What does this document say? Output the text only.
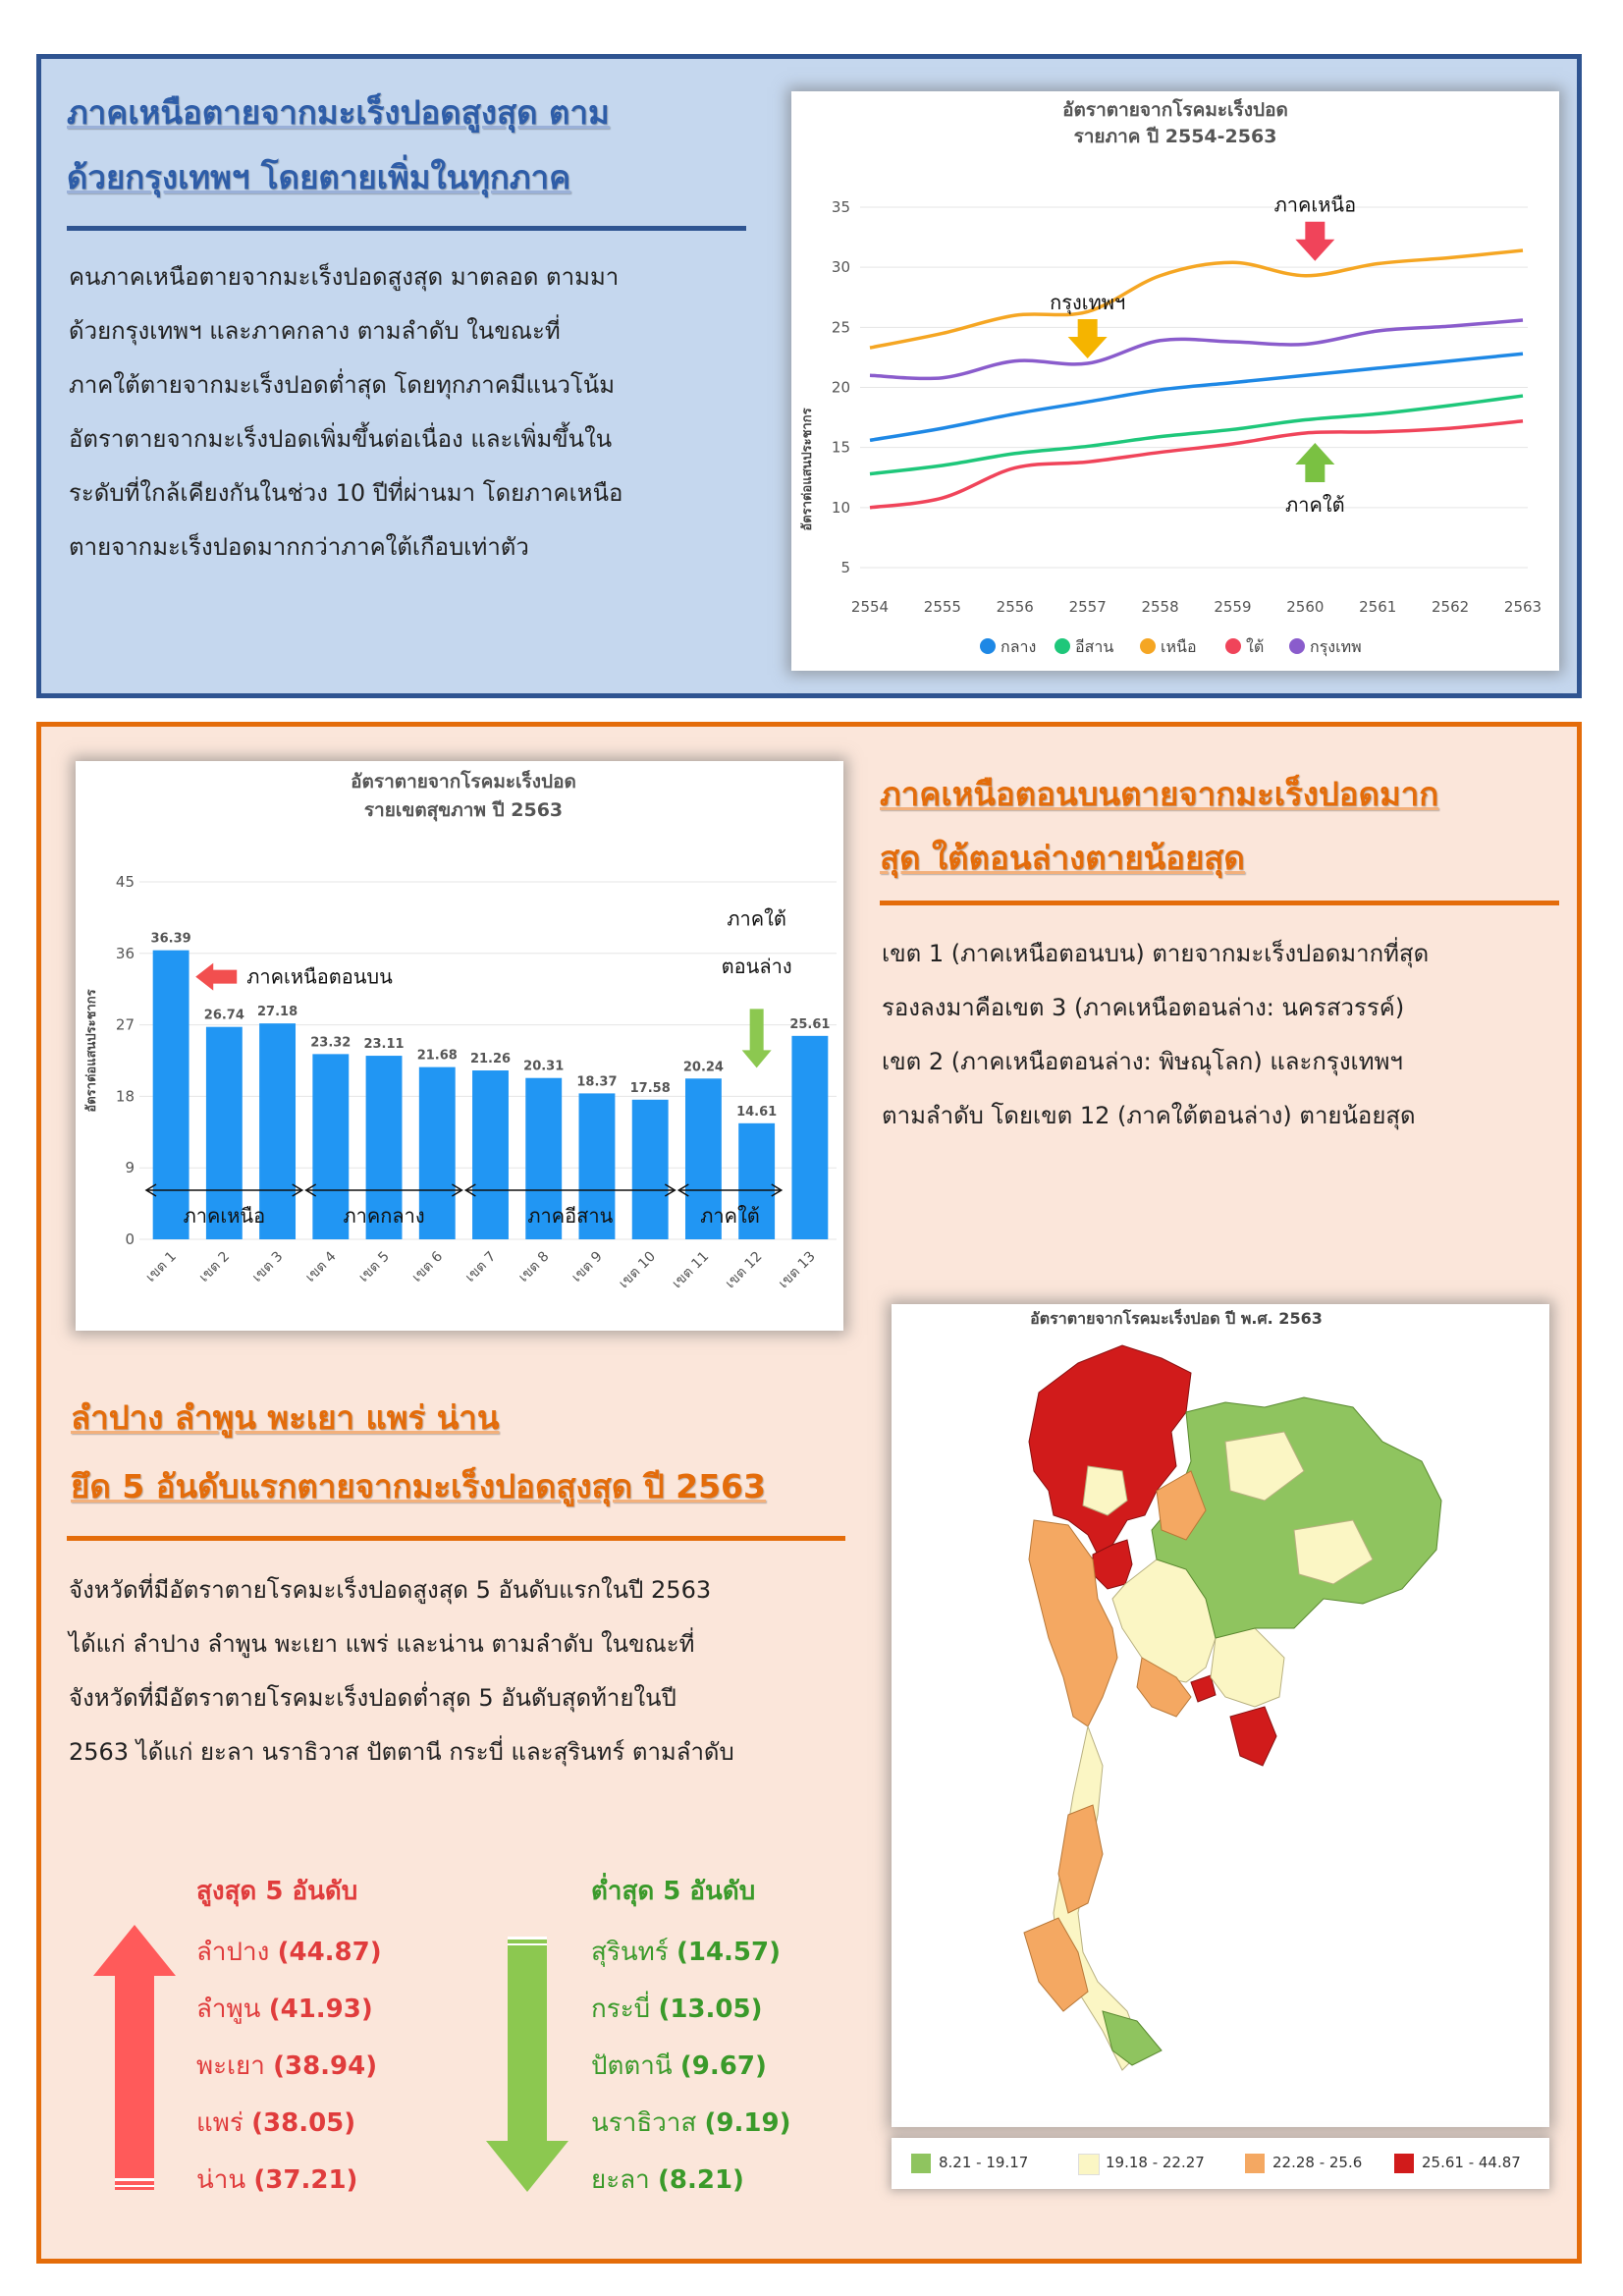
ภาคเหนือตายจากมะเร็งปอดสูงสุด ตาม
ด้วยกรุงเทพฯ โดยตายเพิ่มในทุกภาค

คนภาคเหนือตายจากมะเร็งปอดสูงสุด มาตลอด ตามมา

ด้วยกรุงเทพฯ และภาคกลาง ตามลำดับ ในขณะที่

ภาคใต้ตายจากมะเร็งปอดต่ำสุด โดยทุกภาคมีแนวโน้ม

อัตราตายจากมะเร็งปอดเพิ่มขึ้นต่อเนื่อง และเพิ่มขึ้นใน

ระดับที่ใกล้เคียงกันในช่วง 10 ปีที่ผ่านมา โดยภาคเหนือ

ตายจากมะเร็งปอดมากกว่าภาคใต้เกือบเท่าตัว

อัตราตายจากโรคมะเร็งปอด
รายภาค ปี 2554-2563
อัตราต่อแสนประชากร
5
10
15
20
25
30
35
2554 2555 2556 2557 2558 2559 2560 2561 2562 2563
ภาคเหนือ
กรุงเทพฯ
ภาคใต้
กลาง อีสาน	เหนือ	ใต้	กรุงเทพ
อัตราตายจากโรคมะเร็งปอด
รายเขตสุขภาพ ปี 2563
อัตราต่อแสนประชากร
0
9
18
27
36
45
36.39
เขต 1
26.74
เขต 2
27.18
เขต 3
23.32
เขต 4
23.11
เขต 5
21.68
เขต 6
21.26
เขต 7
20.31
เขต 8
18.37
เขต 9
17.58
เขต 10
20.24
เขต 11
14.61
เขต 12
25.61
เขต 13
ภาคเหนือ	ภาคกลาง	ภาคอีสาน	ภาคใต้
ภาคเหนือตอนบน
ภาคใต้
ตอนล่าง
ภาคเหนือตอนบนตายจากมะเร็งปอดมาก
สุด ใต้ตอนล่างตายน้อยสุด

เขต 1 (ภาคเหนือตอนบน) ตายจากมะเร็งปอดมากที่สุด

รองลงมาคือเขต 3 (ภาคเหนือตอนล่าง: นครสวรรค์)

เขต 2 (ภาคเหนือตอนล่าง: พิษณุโลก) และกรุงเทพฯ

ตามลำดับ โดยเขต 12 (ภาคใต้ตอนล่าง) ตายน้อยสุด

ลำปาง ลำพูน พะเยา แพร่ น่าน
ยึด 5 อันดับแรกตายจากมะเร็งปอดสูงสุด ปี 2563

จังหวัดที่มีอัตราตายโรคมะเร็งปอดสูงสุด 5 อันดับแรกในปี 2563

ได้แก่ ลำปาง ลำพูน พะเยา แพร่ และน่าน ตามลำดับ ในขณะที่

จังหวัดที่มีอัตราตายโรคมะเร็งปอดต่ำสุด 5 อันดับสุดท้ายในปี

2563 ได้แก่ ยะลา นราธิวาส ปัตตานี กระบี่ และสุรินทร์ ตามลำดับ

สูงสุด 5 อันดับ
ลำปาง (44.87)
ลำพูน (41.93)
พะเยา (38.94)
แพร่ (38.05)
น่าน (37.21)
ต่ำสุด 5 อันดับ
สุรินทร์ (14.57)
กระบี่ (13.05)
ปัตตานี (9.67)
นราธิวาส (9.19)
ยะลา (8.21)
อัตราตายจากโรคมะเร็งปอด ปี พ.ศ. 2563
8.21 - 19.17	19.18 - 22.27	22.28 - 25.6	25.61 - 44.87
